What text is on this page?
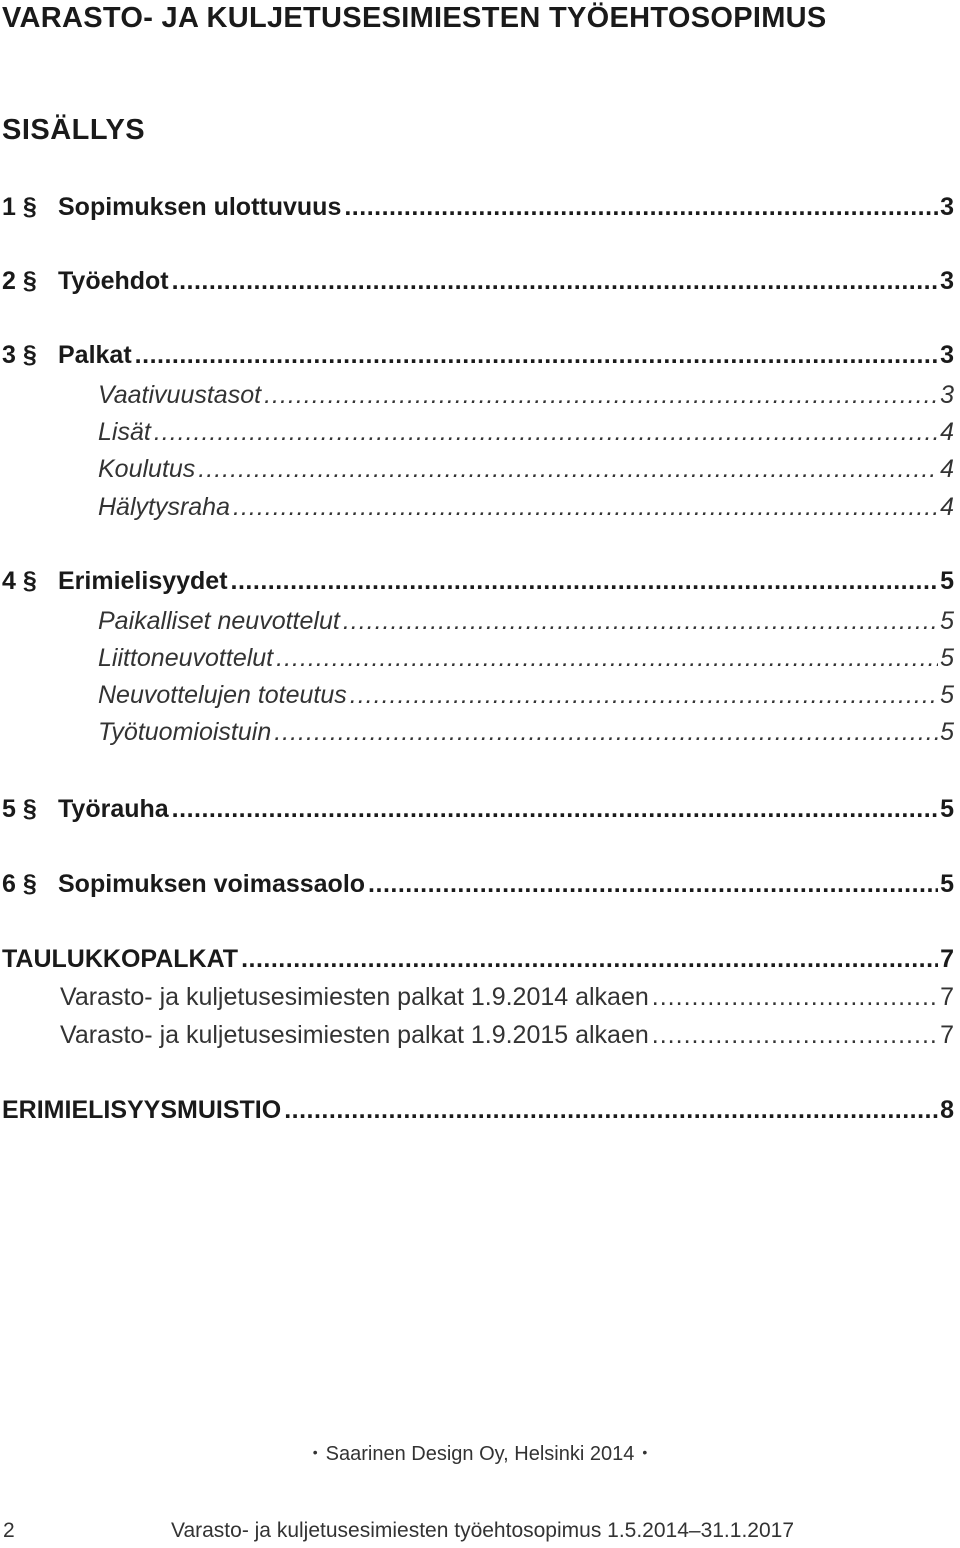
VARASTO- JA KULJETUSESIMIESTEN TYÖEHTOSOPIMUS
SISÄLLYS
1 § Sopimuksen ulottuvuus .....	3
2 § Työehdot .....	3
3 § Palkat .....	3
Vaativuustasot .....	3
Lisät .....	4
Koulutus .....	4
Hälytysraha .....	4
4 § Erimielisyydet .....	5
Paikalliset neuvottelut .....	5
Liittoneuvottelut .....	5
Neuvottelujen toteutus .....	5
Työtuomioistuin .....	5
5 § Työrauha .....	5
6 § Sopimuksen voimassaolo .....	5
TAULUKKOPALKAT .....	7
Varasto- ja kuljetusesimiesten palkat 1.9.2014 alkaen .....	7
Varasto- ja kuljetusesimiesten palkat 1.9.2015 alkaen .....	7
ERIMIELISYYSMUISTIO .....	8
• Saarinen Design Oy, Helsinki 2014 •
2	Varasto- ja kuljetusesimiesten työehtosopimus 1.5.2014–31.1.2017
